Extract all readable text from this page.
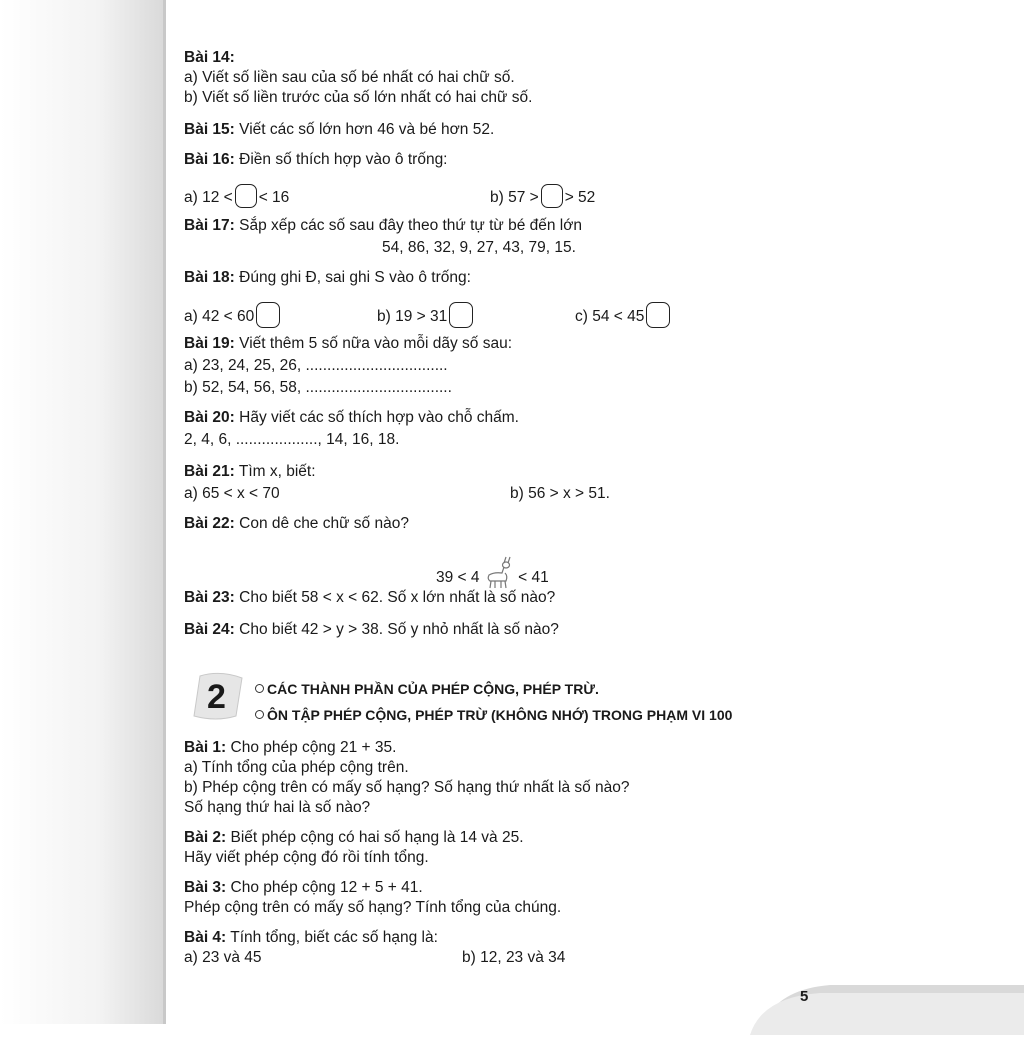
Bài 14:
a) Viết số liền sau của số bé nhất có hai chữ số.
b) Viết số liền trước của số lớn nhất có hai chữ số.
Bài 15: Viết các số lớn hơn 46 và bé hơn 52.
Bài 16: Điền số thích hợp vào ô trống:
a) 12 < < 16	b) 57 > > 52
Bài 17: Sắp xếp các số sau đây theo thứ tự từ bé đến lớn
54, 86, 32, 9, 27, 43, 79, 15.
Bài 18: Đúng ghi Đ, sai ghi S vào ô trống:
a) 42 < 60	b) 19 > 31	c) 54 < 45
Bài 19: Viết thêm 5 số nữa vào mỗi dãy số sau:
a) 23, 24, 25, 26, .................................
b) 52, 54, 56, 58, ..................................
Bài 20: Hãy viết các số thích hợp vào chỗ chấm.
2, 4, 6, ..................., 14, 16, 18.
Bài 21: Tìm x, biết:
a) 65 < x < 70	b) 56 > x > 51.
Bài 22: Con dê che chữ số nào?
39 < 4 < 41
Bài 23: Cho biết 58 < x < 62. Số x lớn nhất là số nào?
Bài 24: Cho biết 42 > y > 38. Số y nhỏ nhất là số nào?
2	CÁC THÀNH PHẦN CỦA PHÉP CỘNG, PHÉP TRỪ.
ÔN TẬP PHÉP CỘNG, PHÉP TRỪ (KHÔNG NHỚ) TRONG PHẠM VI 100
Bài 1: Cho phép cộng 21 + 35.
a) Tính tổng của phép cộng trên.
b) Phép cộng trên có mấy số hạng? Số hạng thứ nhất là số nào?
Số hạng thứ hai là số nào?
Bài 2: Biết phép cộng có hai số hạng là 14 và 25.
Hãy viết phép cộng đó rồi tính tổng.
Bài 3: Cho phép cộng 12 + 5 + 41.
Phép cộng trên có mấy số hạng? Tính tổng của chúng.
Bài 4: Tính tổng, biết các số hạng là:
a) 23 và 45	b) 12, 23 và 34
5
